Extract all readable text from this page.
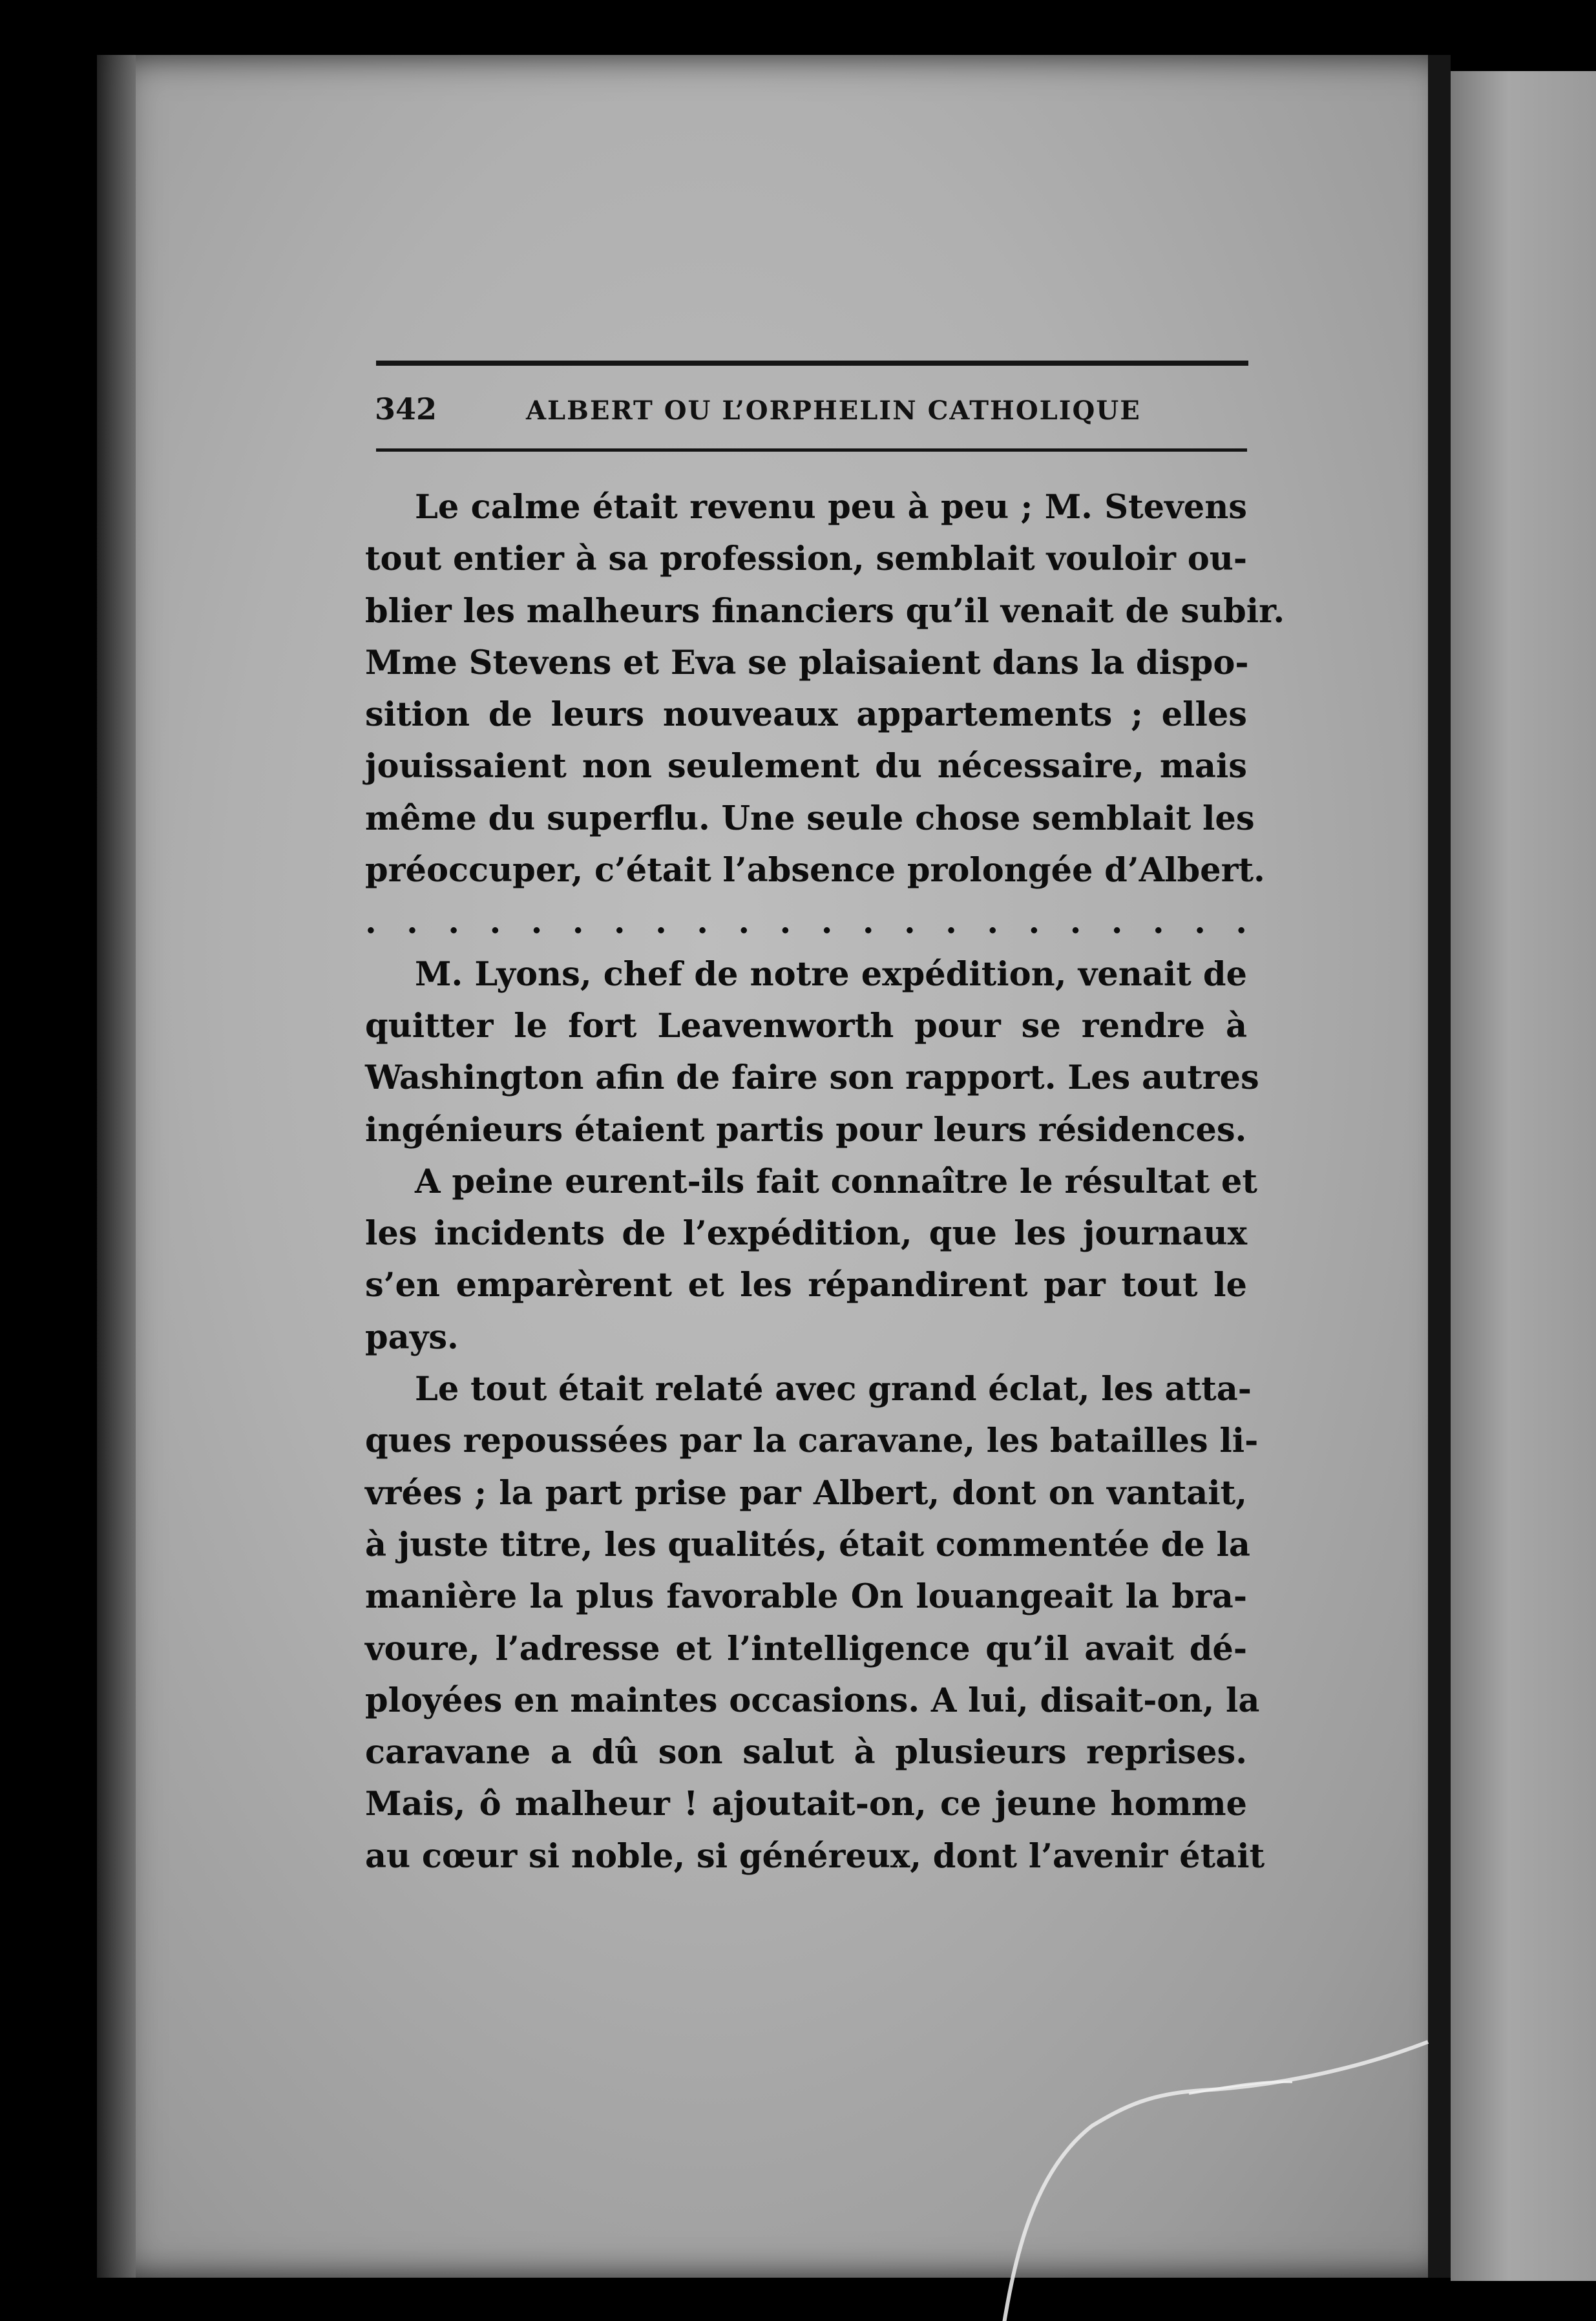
342	ALBERT OU L’ORPHELIN CATHOLIQUE
Le calme était revenu peu à peu ; M. Stevens
tout entier à sa profession, semblait vouloir ou-
blier les malheurs financiers qu’il venait de subir.
Mme Stevens et Eva se plaisaient dans la dispo-
sition de leurs nouveaux appartements ; elles
jouissaient non seulement du nécessaire, mais
même du superflu. Une seule chose semblait les
préoccuper, c’était l’absence prolongée d’Albert.
. . . . . . . . . . . . . . . . . . . . . .
M. Lyons, chef de notre expédition, venait de
quitter le fort Leavenworth pour se rendre à
Washington afin de faire son rapport. Les autres
ingénieurs étaient partis pour leurs résidences.
A peine eurent-ils fait connaître le résultat et
les incidents de l’expédition, que les journaux
s’en emparèrent et les répandirent par tout le
pays.
Le tout était relaté avec grand éclat, les atta-
ques repoussées par la caravane, les batailles li-
vrées ; la part prise par Albert, dont on vantait,
à juste titre, les qualités, était commentée de la
manière la plus favorable On louangeait la bra-
voure, l’adresse et l’intelligence qu’il avait dé-
ployées en maintes occasions. A lui, disait-on, la
caravane a dû son salut à plusieurs reprises.
Mais, ô malheur ! ajoutait-on, ce jeune homme
au cœur si noble, si généreux, dont l’avenir était
